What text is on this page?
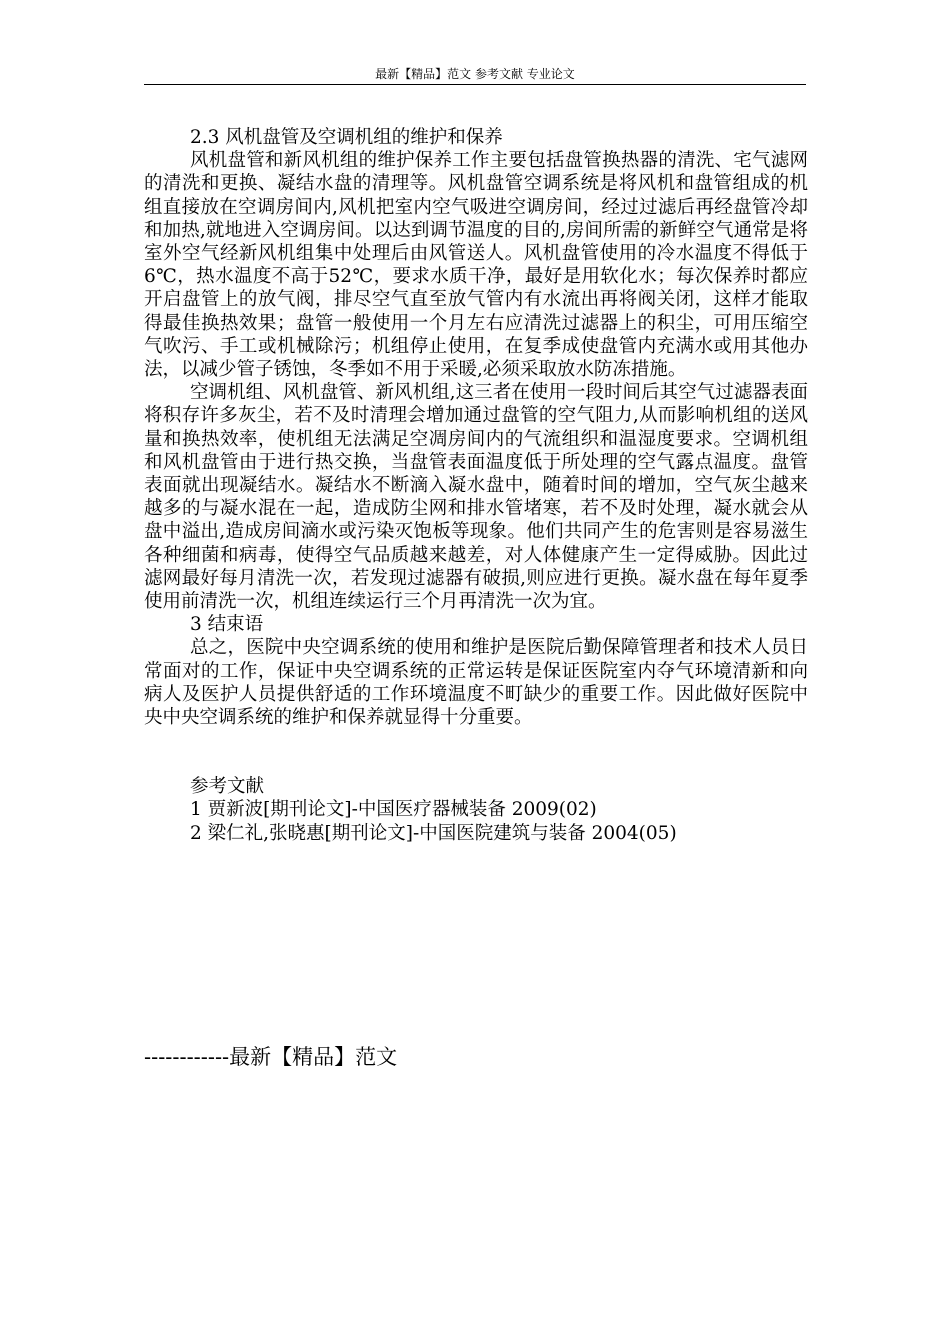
最新【精品】范文 参考文献 专业论文

2.3 风机盘管及空调机组的维护和保养

风机盘管和新风机组的维护保养工作主要包括盘管换热器的清洗、宅气滤网的清洗和更换、凝结水盘的清理等。风机盘管空调系统是将风机和盘管组成的机组直接放在空调房间内,风机把室内空气吸进空调房间，经过过滤后再经盘管冷却和加热,就地进入空调房间。以达到调节温度的目的,房间所需的新鲜空气通常是将室外空气经新风机组集中处理后由风管送人。风机盘管使用的冷水温度不得低于6℃，热水温度不高于52℃，要求水质干净，最好是用软化水；每次保养时都应开启盘管上的放气阀，排尽空气直至放气管内有水流出再将阀关闭，这样才能取得最佳换热效果；盘管一般使用一个月左右应清洗过滤器上的积尘，可用压缩空气吹污、手工或机械除污；机组停止使用，在复季成使盘管内充满水或用其他办法，以减少管子锈蚀，冬季如不用于采暖,必须采取放水防冻措施。

空调机组、风机盘管、新风机组,这三者在使用一段时间后其空气过滤器表面将积存许多灰尘，若不及时清理会增加通过盘管的空气阻力,从而影响机组的送风量和换热效率，使机组无法满足空凋房间内的气流组织和温湿度要求。空调机组和风机盘管由于进行热交换，当盘管表面温度低于所处理的空气露点温度。盘管表面就出现凝结水。凝结水不断滴入凝水盘中，随着时间的增加，空气灰尘越来越多的与凝水混在一起，造成防尘网和排水管堵寒，若不及时处理，凝水就会从盘中溢出,造成房间滴水或污染灭饱板等现象。他们共同产生的危害则是容易滋生各种细菌和病毒，使得空气品质越来越差，对人体健康产生一定得威胁。因此过滤网最好每月清洗一次，若发现过滤器有破损,则应进行更换。凝水盘在每年夏季使用前清洗一次，机组连续运行三个月再清洗一次为宜。

3 结束语

总之，医院中央空调系统的使用和维护是医院后勤保障管理者和技术人员日常面对的工作，保证中央空调系统的正常运转是保证医院室内夺气环境清新和向病人及医护人员提供舒适的工作环境温度不町缺少的重要工作。因此做好医院中央中央空调系统的维护和保养就显得十分重要。

参考文献

1 贾新波[期刊论文]-中国医疗器械装备 2009(02)

2 梁仁礼,张晓惠[期刊论文]-中国医院建筑与装备 2004(05)

------------最新【精品】范文
